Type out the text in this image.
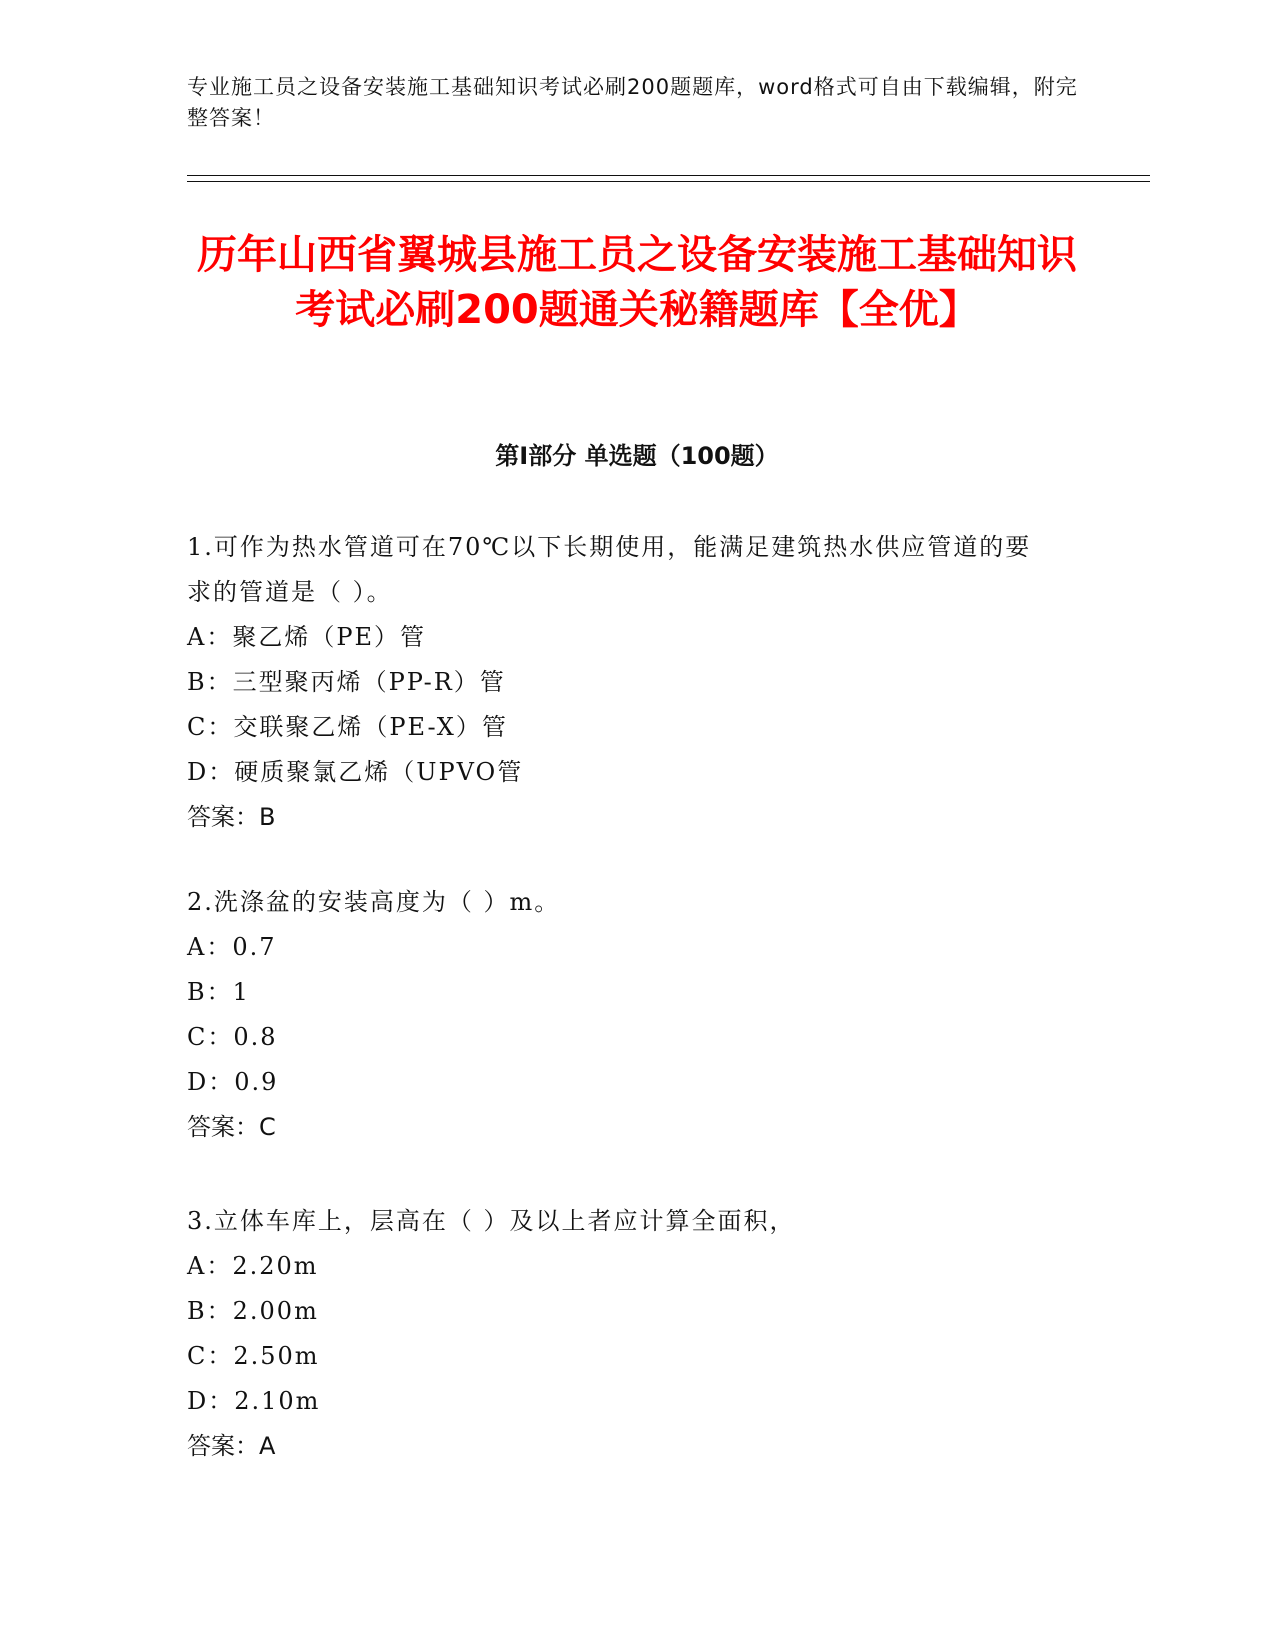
专业施工员之设备安装施工基础知识考试必刷200题题库，word格式可自由下载编辑，附完整答案！
历年山西省翼城县施工员之设备安装施工基础知识考试必刷200题通关秘籍题库【全优】
第Ⅰ部分 单选题（100题）
1.可作为热水管道可在70℃以下长期使用，能满足建筑热水供应管道的要求的管道是（ ）。
A：聚乙烯（PE）管
B：三型聚丙烯（PP-R）管
C：交联聚乙烯（PE-X）管
D：硬质聚氯乙烯（UPVO管
答案：B
2.洗涤盆的安装高度为（ ）m。
A：0.7
B：1
C：0.8
D：0.9
答案：C
3.立体车库上，层高在（ ）及以上者应计算全面积，
A：2.20m
B：2.00m
C：2.50m
D：2.10m
答案：A
